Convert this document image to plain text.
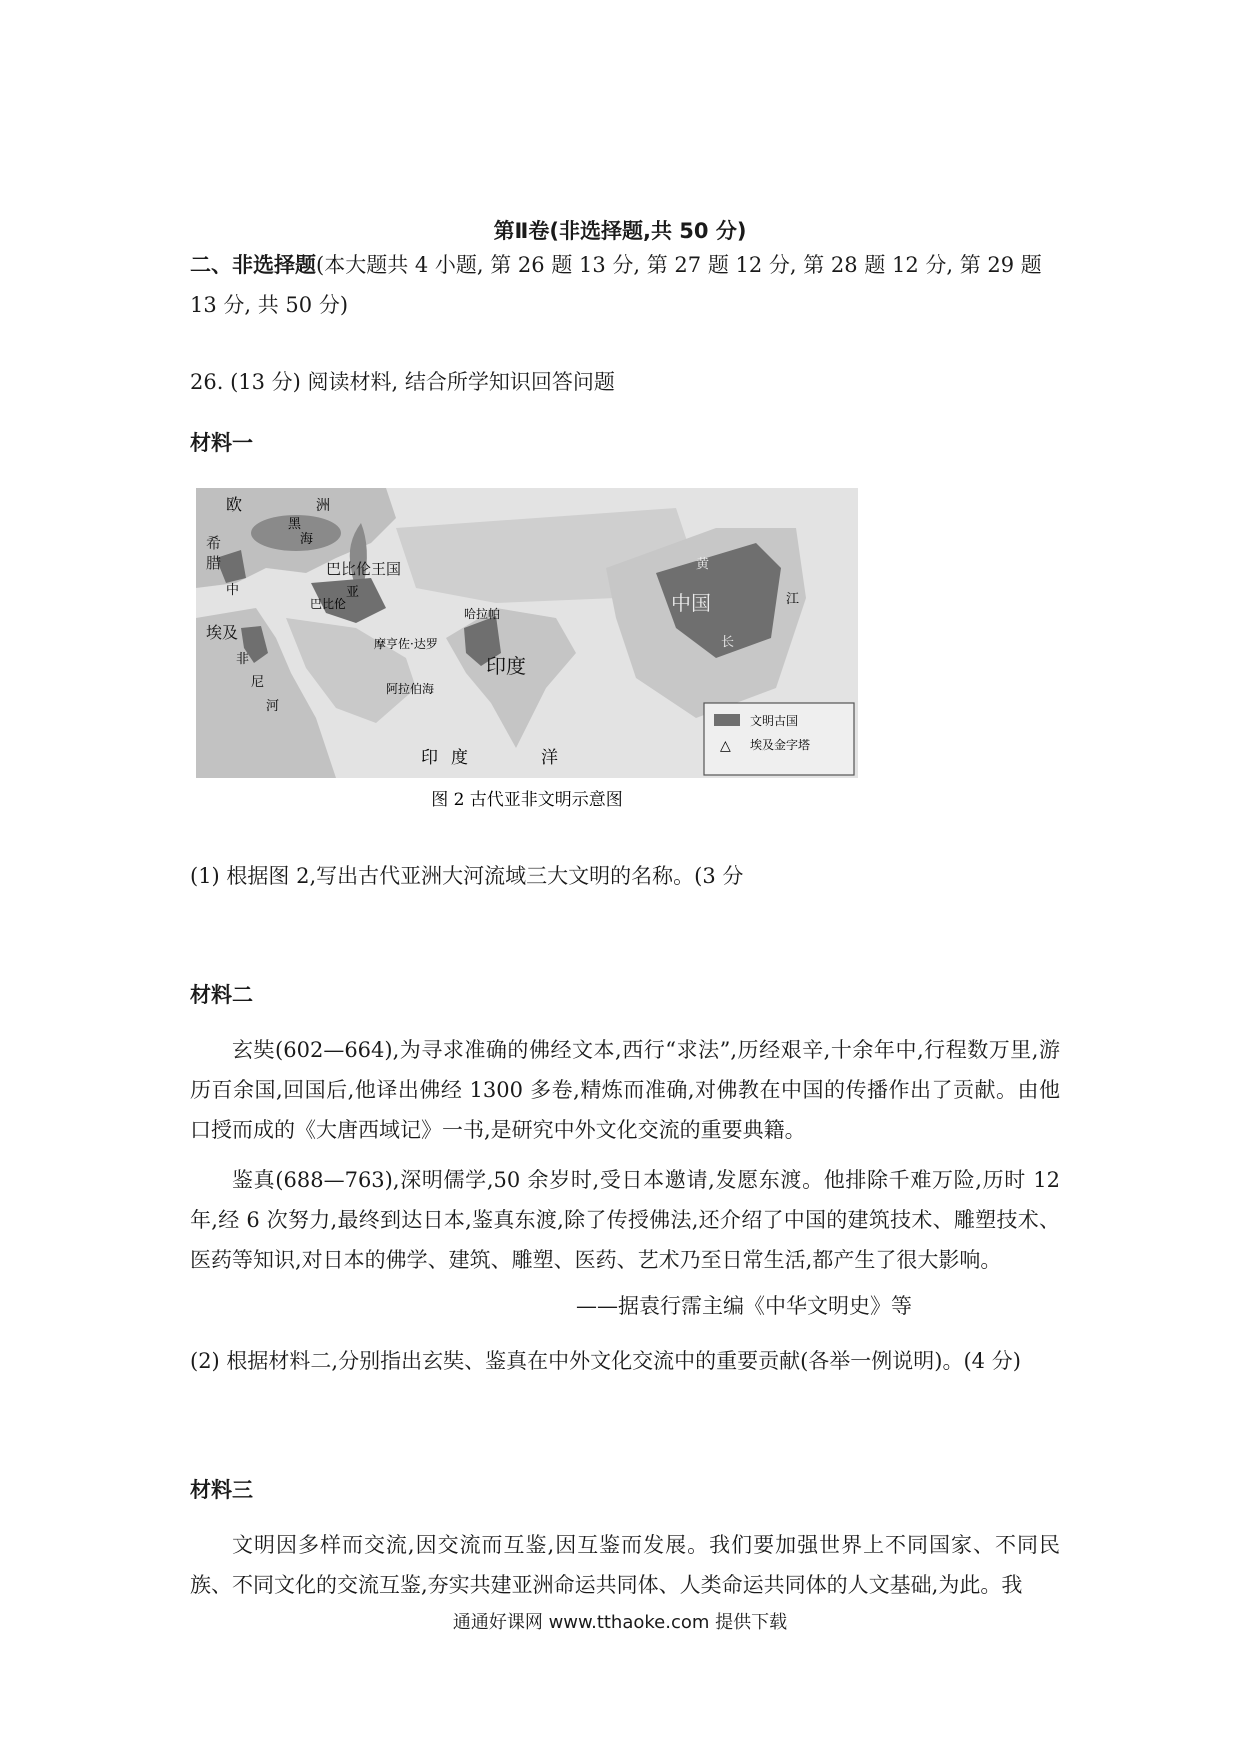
第Ⅱ卷(非选择题,共 50 分)
二、非选择题(本大题共 4 小题, 第 26 题 13 分, 第 27 题 12 分, 第 28 题 12 分, 第 29 题 13 分, 共 50 分)
26. (13 分) 阅读材料, 结合所学知识回答问题
材料一
文明古国
△ 埃及金字塔
欧	洲
黑
海
希
腊	巴比伦王国
亚
巴比伦
中
埃及
非
尼
河
摩亨佐·达罗
哈拉帕
印度
阿拉伯海
印 度	洋
中国
黄
长
江
图 2 古代亚非文明示意图
(1) 根据图 2,写出古代亚洲大河流域三大文明的名称。(3 分
材料二
玄奘(602—664),为寻求准确的佛经文本,西行“求法”,历经艰辛,十余年中,行程数万里,游历百余国,回国后,他译出佛经 1300 多卷,精炼而准确,对佛教在中国的传播作出了贡献。由他口授而成的《大唐西域记》一书,是研究中外文化交流的重要典籍。
鉴真(688—763),深明儒学,50 余岁时,受日本邀请,发愿东渡。他排除千难万险,历时 12 年,经 6 次努力,最终到达日本,鉴真东渡,除了传授佛法,还介绍了中国的建筑技术、雕塑技术、医药等知识,对日本的佛学、建筑、雕塑、医药、艺术乃至日常生活,都产生了很大影响。
——据袁行霈主编《中华文明史》等
(2) 根据材料二,分别指出玄奘、鉴真在中外文化交流中的重要贡献(各举一例说明)。(4 分)
材料三
文明因多样而交流,因交流而互鉴,因互鉴而发展。我们要加强世界上不同国家、不同民族、不同文化的交流互鉴,夯实共建亚洲命运共同体、人类命运共同体的人文基础,为此。我
通通好课网 www.tthaoke.com 提供下载
